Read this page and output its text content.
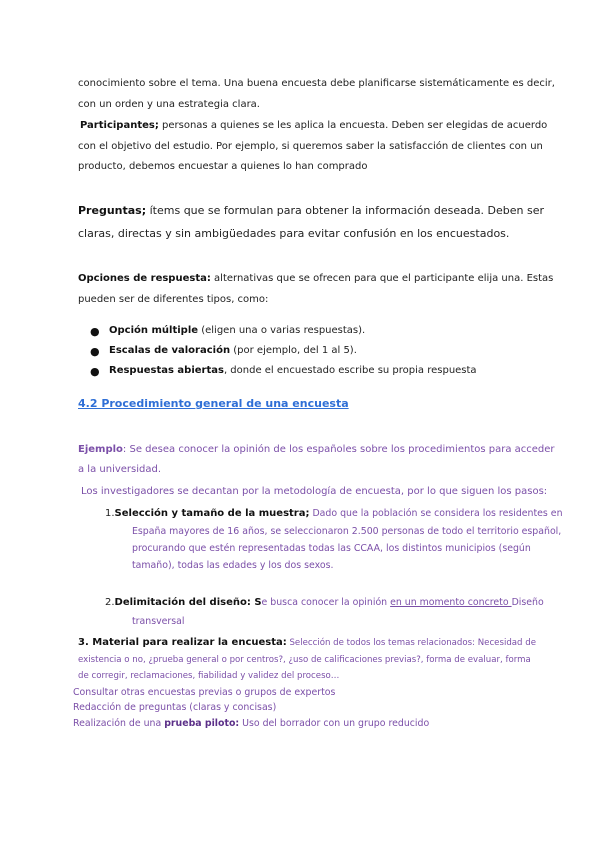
conocimiento sobre el tema. Una buena encuesta debe planificarse sistemáticamente es decir,
con un orden y una estrategia clara.
Participantes; personas a quienes se les aplica la encuesta. Deben ser elegidas de acuerdo
con el objetivo del estudio. Por ejemplo, si queremos saber la satisfacción de clientes con un
producto, debemos encuestar a quienes lo han comprado
Preguntas; ítems que se formulan para obtener la información deseada. Deben ser
claras, directas y sin ambigüedades para evitar confusión en los encuestados.
Opciones de respuesta: alternativas que se ofrecen para que el participante elija una. Estas
pueden ser de diferentes tipos, como:
● Opción múltiple (eligen una o varias respuestas).
● Escalas de valoración (por ejemplo, del 1 al 5).
● Respuestas abiertas, donde el encuestado escribe su propia respuesta
4.2 Procedimiento general de una encuesta
Ejemplo: Se desea conocer la opinión de los españoles sobre los procedimientos para acceder
a la universidad.
Los investigadores se decantan por la metodología de encuesta, por lo que siguen los pasos:
1.Selección y tamaño de la muestra; Dado que la población se considera los residentes en
España mayores de 16 años, se seleccionaron 2.500 personas de todo el territorio español,
procurando que estén representadas todas las CCAA, los distintos municipios (según
tamaño), todas las edades y los dos sexos.
2.Delimitación del diseño: Se busca conocer la opinión en un momento concreto Diseño
transversal
3. Material para realizar la encuesta: Selección de todos los temas relacionados: Necesidad de
existencia o no, ¿prueba general o por centros?, ¿uso de calificaciones previas?, forma de evaluar, forma
de corregir, reclamaciones, fiabilidad y validez del proceso…
Consultar otras encuestas previas o grupos de expertos
Redacción de preguntas (claras y concisas)
Realización de una prueba piloto: Uso del borrador con un grupo reducido
